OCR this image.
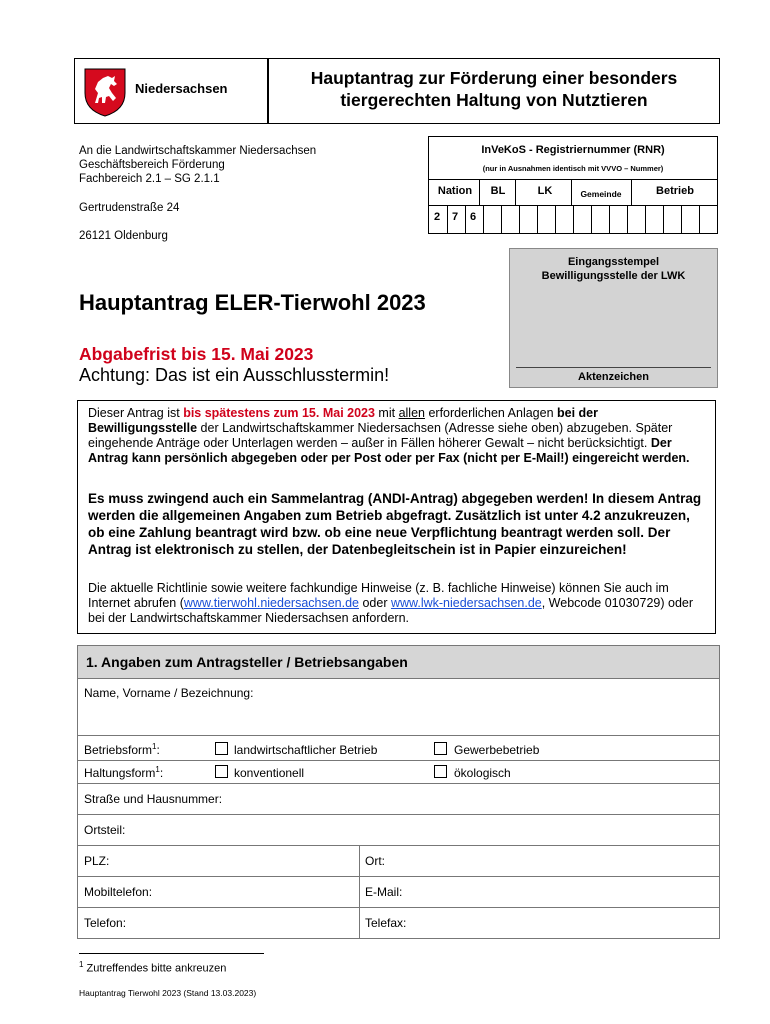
Niedersachsen
Hauptantrag zur Förderung einer besonders
tiergerechten Haltung von Nutztieren
An die Landwirtschaftskammer Niedersachsen
Geschäftsbereich Förderung
Fachbereich 2.1 – SG 2.1.1
Gertrudenstraße 24
26121 Oldenburg
InVeKoS - Registriernummer (RNR)
(nur in Ausnahmen identisch mit VVVO – Nummer)
Nation	BL	LK	Gemeinde	Betrieb
2 7 6
Eingangsstempel
Bewilligungsstelle der LWK
Aktenzeichen
Hauptantrag ELER-Tierwohl 2023
Abgabefrist bis 15. Mai 2023
Achtung: Das ist ein Ausschlusstermin!
Dieser Antrag ist bis spätestens zum 15. Mai 2023 mit allen erforderlichen Anlagen bei der Bewilligungsstelle der Landwirtschaftskammer Niedersachsen (Adresse siehe oben) abzugeben. Später eingehende Anträge oder Unterlagen werden – außer in Fällen höherer Gewalt – nicht berücksichtigt. Der Antrag kann persönlich abgegeben oder per Post oder per Fax (nicht per E-Mail!) eingereicht werden.
Es muss zwingend auch ein Sammelantrag (ANDI-Antrag) abgegeben werden! In diesem Antrag werden die allgemeinen Angaben zum Betrieb abgefragt. Zusätzlich ist unter 4.2 anzukreuzen, ob eine Zahlung beantragt wird bzw. ob eine neue Verpflichtung beantragt werden soll. Der Antrag ist elektronisch zu stellen, der Datenbegleitschein ist in Papier einzureichen!
Die aktuelle Richtlinie sowie weitere fachkundige Hinweise (z. B. fachliche Hinweise) können Sie auch im Internet abrufen (www.tierwohl.niedersachsen.de oder www.lwk-niedersachsen.de, Webcode 01030729) oder bei der Landwirtschaftskammer Niedersachsen anfordern.
1. Angaben zum Antragsteller / Betriebsangaben
Name, Vorname / Bezeichnung:
Betriebsform$^1$:	landwirtschaftlicher Betrieb	Gewerbebetrieb
Haltungsform$^1$:	konventionell	ökologisch
Straße und Hausnummer:
Ortsteil:
PLZ:	Ort:
Mobiltelefon:	E-Mail:
Telefon:	Telefax:
$^1$ Zutreffendes bitte ankreuzen
Hauptantrag Tierwohl 2023 (Stand 13.03.2023)
